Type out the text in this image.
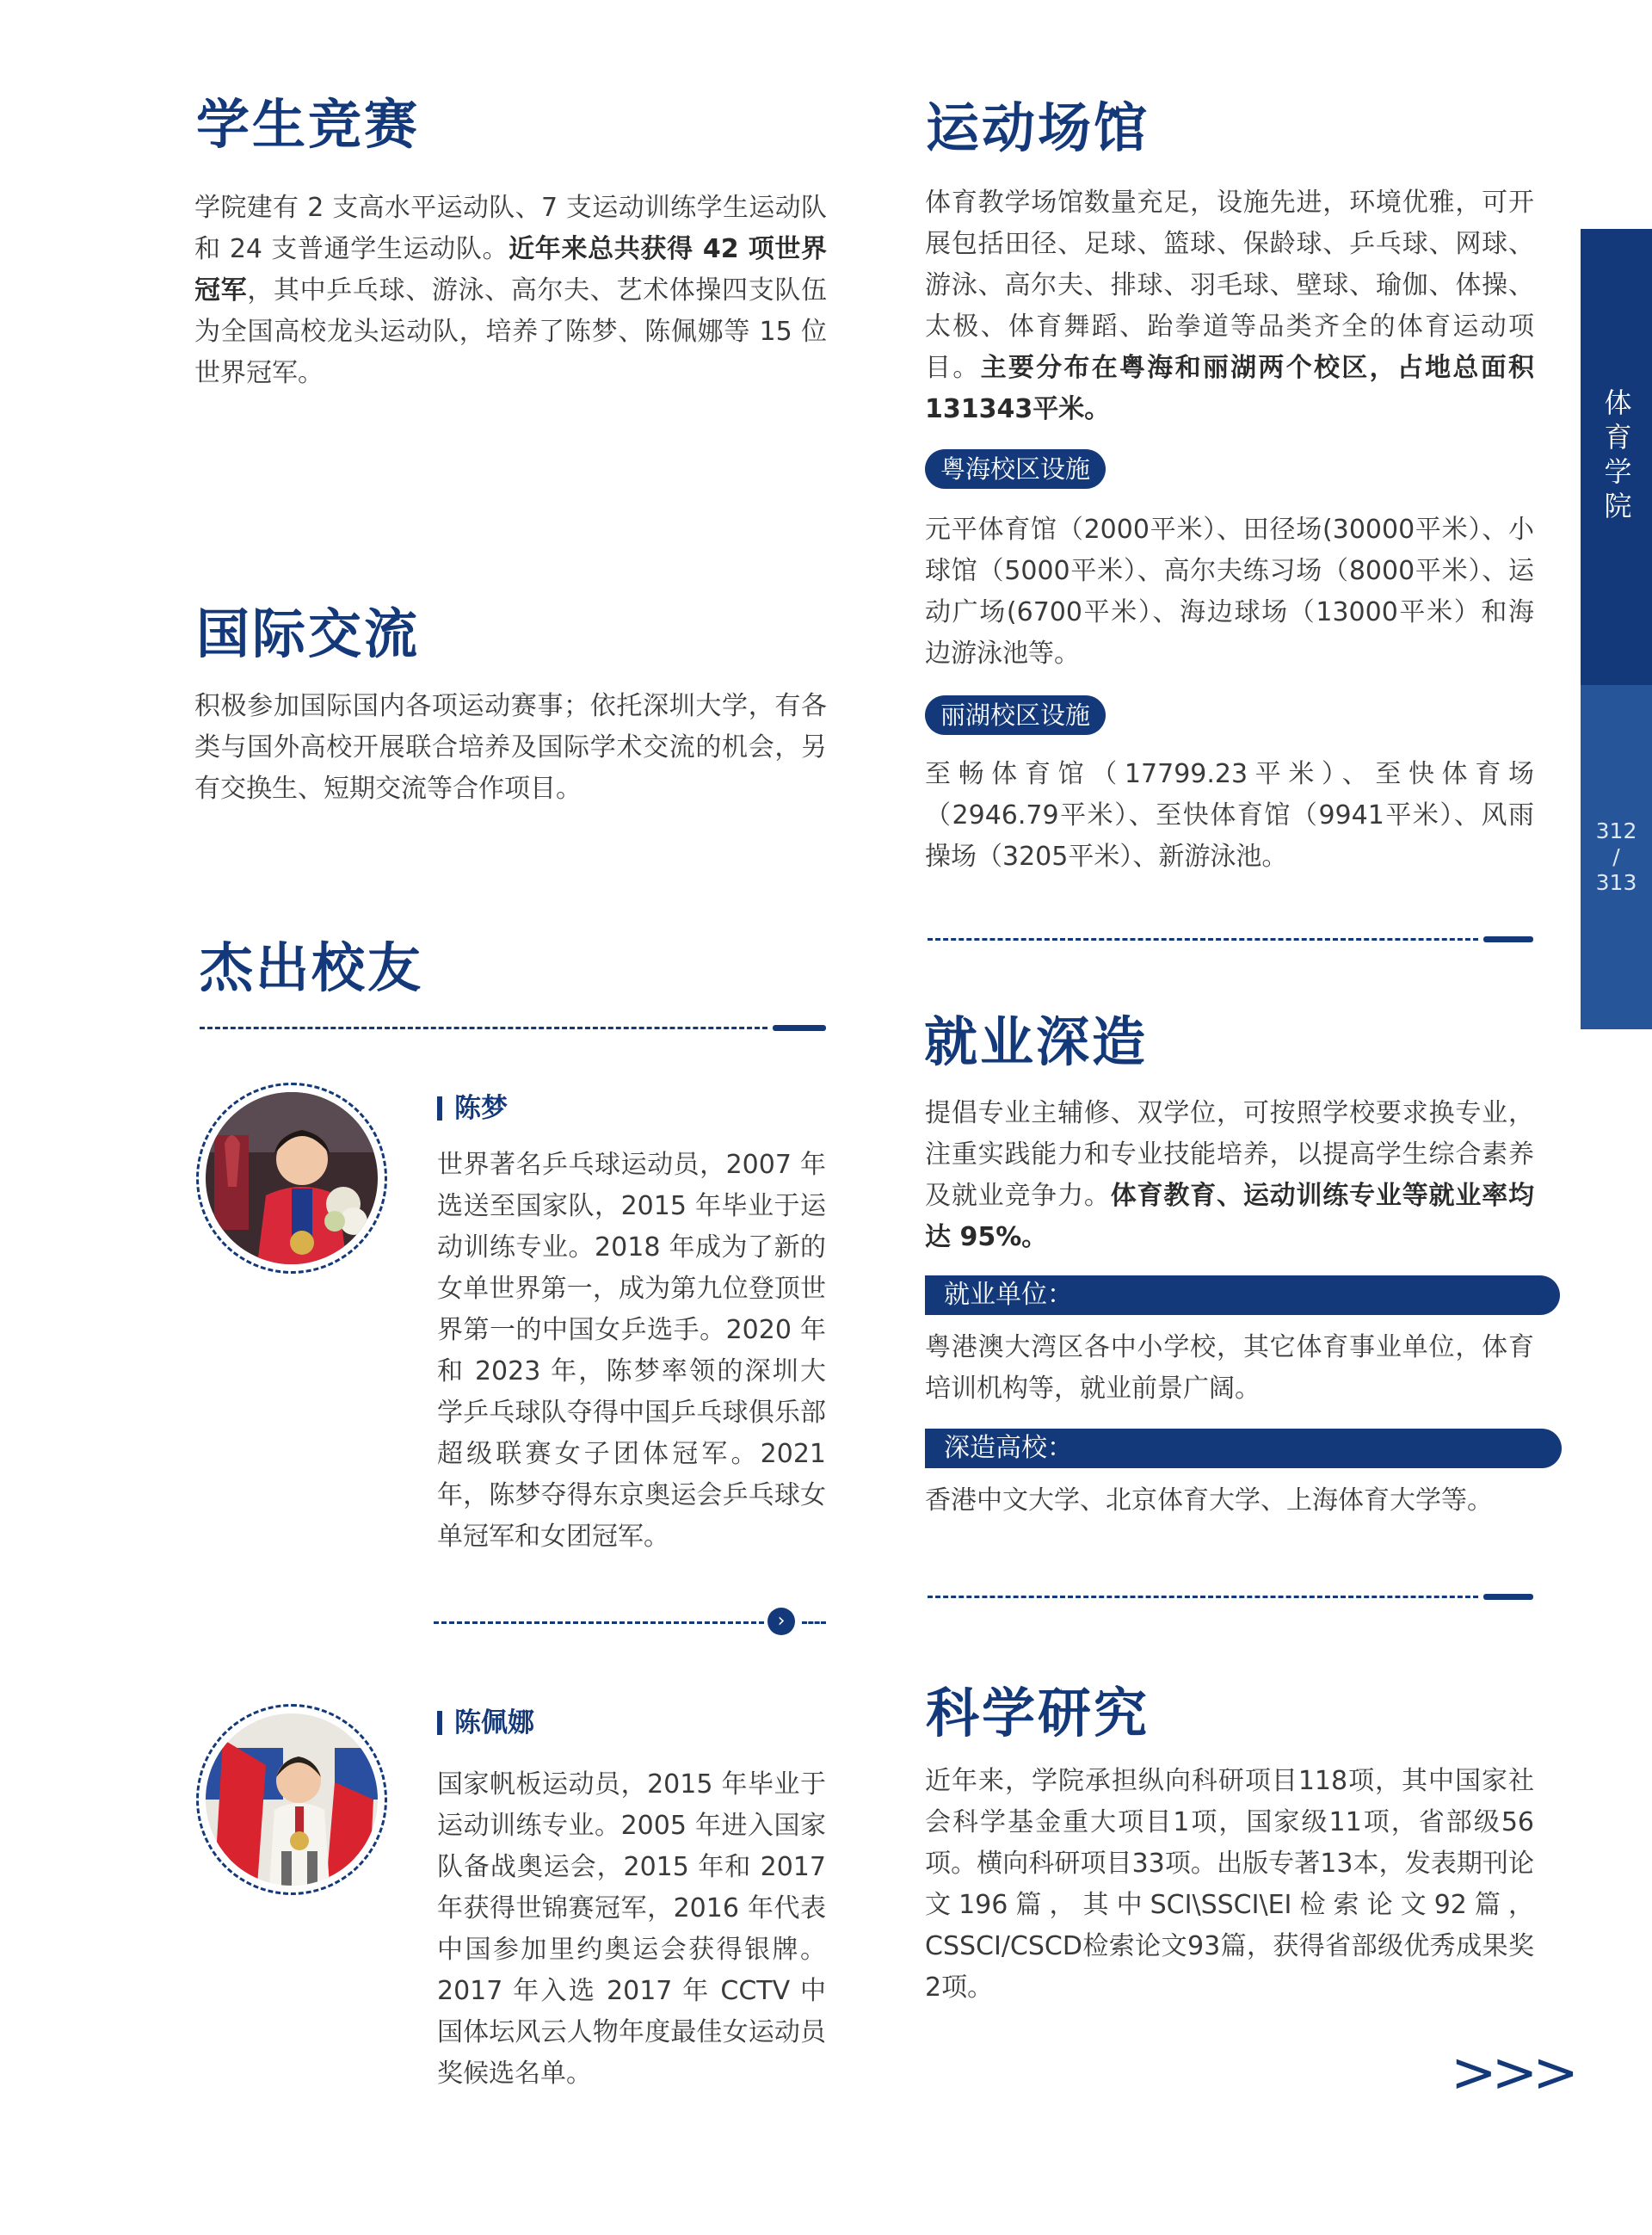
学生竞赛

学院建有 2 支高水平运动队、7 支运动训练学生运动队和 24 支普通学生运动队。近年来总共获得 42 项世界冠军，其中乒乓球、游泳、高尔夫、艺术体操四支队伍为全国高校龙头运动队，培养了陈梦、陈佩娜等 15 位世界冠军。

国际交流

积极参加国际国内各项运动赛事；依托深圳大学，有各类与国外高校开展联合培养及国际学术交流的机会，另有交换生、短期交流等合作项目。

杰出校友
陈梦

世界著名乒乓球运动员，2007 年选送至国家队，2015 年毕业于运动训练专业。2018 年成为了新的女单世界第一，成为第九位登顶世界第一的中国女乒选手。2020 年和 2023 年，陈梦率领的深圳大学乒乓球队夺得中国乒乓球俱乐部超级联赛女子团体冠军。2021 年，陈梦夺得东京奥运会乒乓球女单冠军和女团冠军。

›
陈佩娜

国家帆板运动员，2015 年毕业于运动训练专业。2005 年进入国家队备战奥运会，2015 年和 2017 年获得世锦赛冠军，2016 年代表中国参加里约奥运会获得银牌。2017 年入选 2017 年 CCTV 中国体坛风云人物年度最佳女运动员奖候选名单。

运动场馆

体育教学场馆数量充足，设施先进，环境优雅，可开展包括田径、足球、篮球、保龄球、乒乓球、网球、游泳、高尔夫、排球、羽毛球、壁球、瑜伽、体操、太极、体育舞蹈、跆拳道等品类齐全的体育运动项目。主要分布在粤海和丽湖两个校区，占地总面积131343平米。

粤海校区设施

元平体育馆（2000平米）、田径场(30000平米）、小球馆（5000平米）、高尔夫练习场（8000平米）、运动广场(6700平米）、海边球场（13000平米）和海边游泳池等。

丽湖校区设施

至畅体育馆（17799.23平米）、至快体育场（2946.79平米）、至快体育馆（9941平米）、风雨操场（3205平米）、新游泳池。

就业深造

提倡专业主辅修、双学位，可按照学校要求换专业，注重实践能力和专业技能培养，以提高学生综合素养及就业竞争力。体育教育、运动训练专业等就业率均达 95%。

就业单位：

粤港澳大湾区各中小学校，其它体育事业单位，体育培训机构等，就业前景广阔。

深造高校：

香港中文大学、北京体育大学、上海体育大学等。

科学研究

近年来，学院承担纵向科研项目118项，其中国家社会科学基金重大项目1项，国家级11项，省部级56项。横向科研项目33项。出版专著13本，发表期刊论文196篇，其中SCI\SSCI\EI检索论文92篇，CSSCI/CSCD检索论文93篇，获得省部级优秀成果奖2项。

>>>
体育学院
312
/
313
